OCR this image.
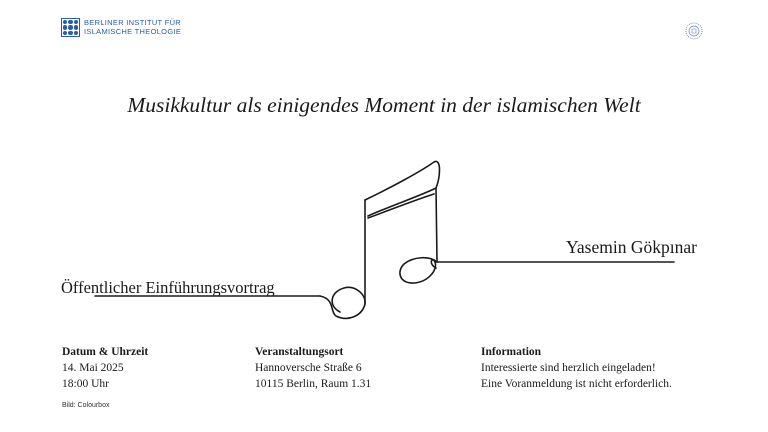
BERLINER INSTITUT FÜR
ISLAMISCHE THEOLOGIE
Musikkultur als einigendes Moment in der islamischen Welt
Yasemin Gökpınar
Öffentlicher Einführungsvortrag
Datum & Uhrzeit
14. Mai 2025
18:00 Uhr
Veranstaltungsort
Hannoversche Straße 6
10115 Berlin, Raum 1.31
Information
Interessierte sind herzlich eingeladen!
Eine Voranmeldung ist nicht erforderlich.
Bild: Colourbox
